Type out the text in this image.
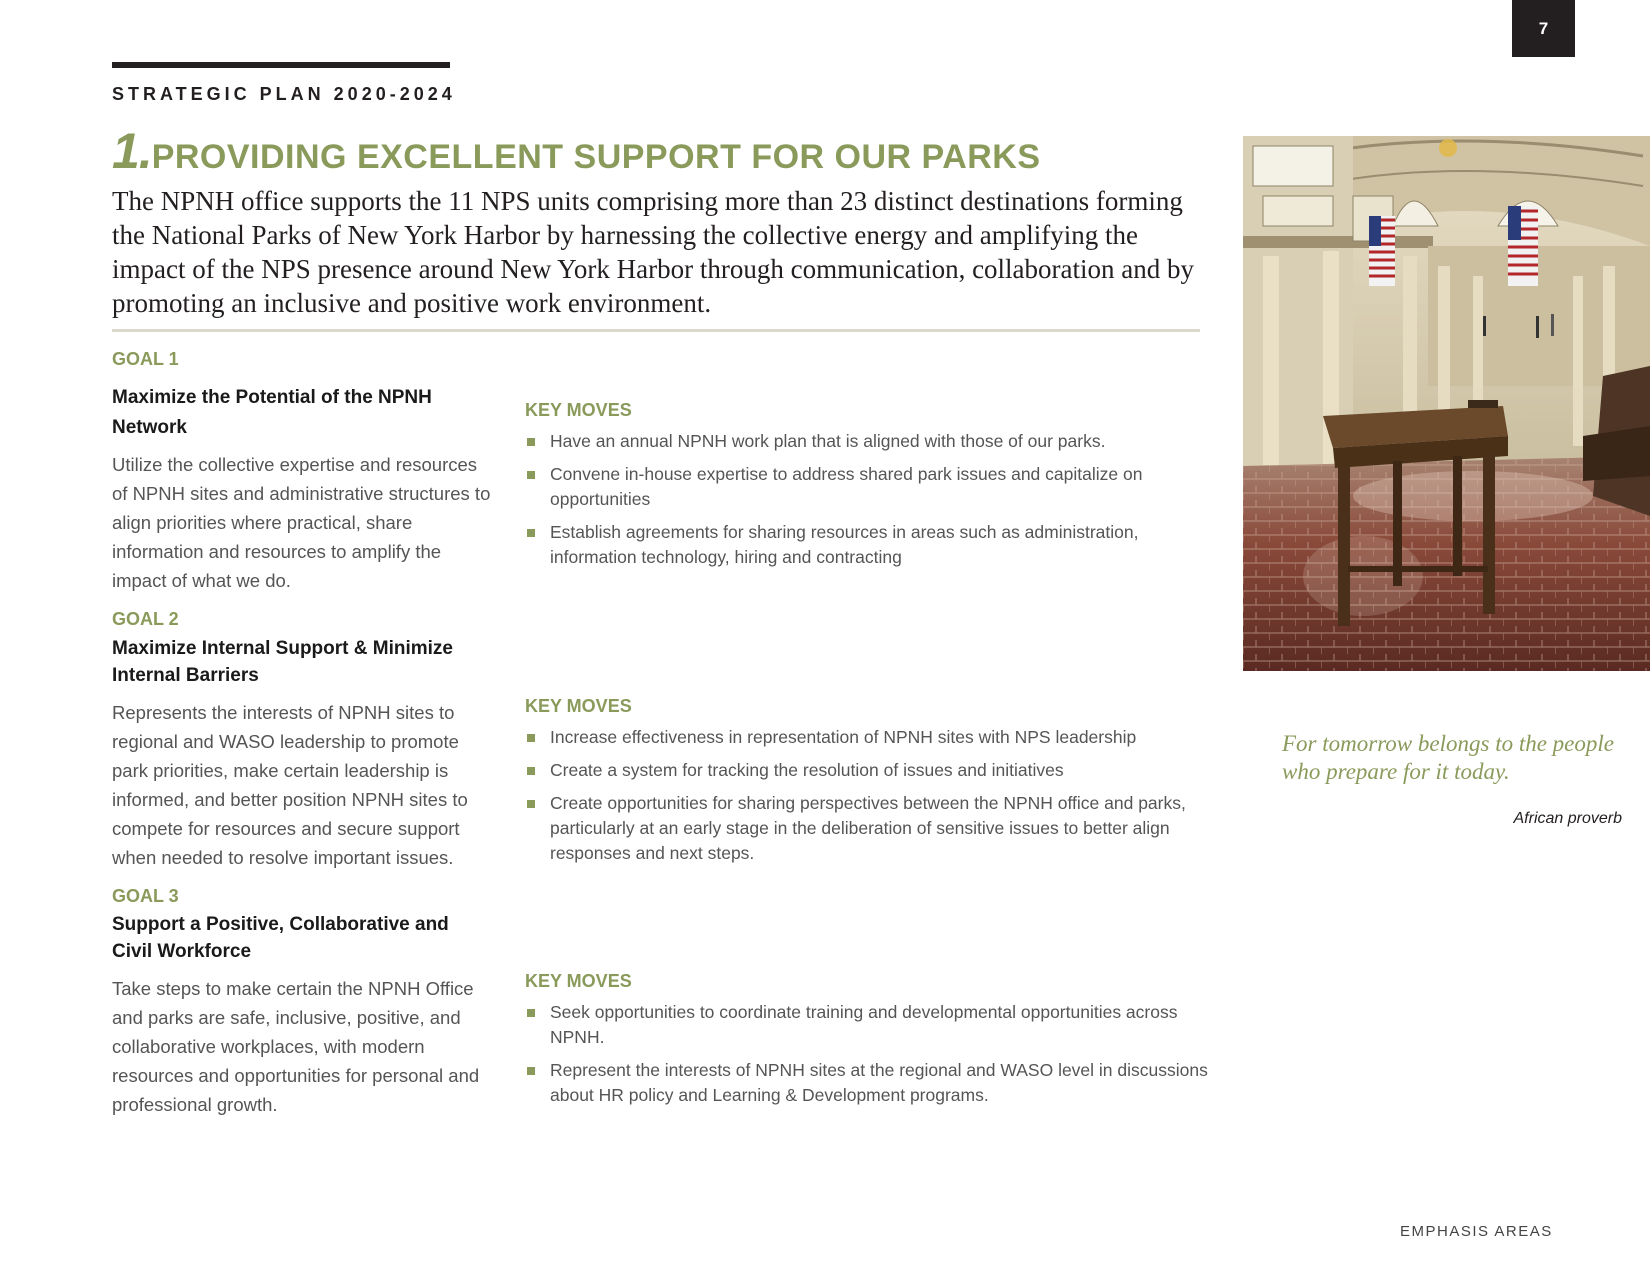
7
STRATEGIC PLAN 2020-2024
1.PROVIDING EXCELLENT SUPPORT FOR OUR PARKS
The NPNH office supports the 11 NPS units comprising more than 23 distinct destinations forming the National Parks of New York Harbor by harnessing the collective energy and amplifying the impact of the NPS presence around New York Harbor through communication, collaboration and by promoting an inclusive and positive work environment.
GOAL 1
Maximize the Potential of the NPNH Network
Utilize the collective expertise and resources of NPNH sites and administrative structures to align priorities where practical, share information and resources to amplify the impact of what we do.
KEY MOVES
Have an annual NPNH work plan that is aligned with those of our parks.
Convene in-house expertise to address shared park issues and capitalize on opportunities
Establish agreements for sharing resources in areas such as administration, information technology, hiring and contracting
GOAL 2
Maximize Internal Support & Minimize Internal Barriers
Represents the interests of NPNH sites to regional and WASO leadership to promote park priorities, make certain leadership is informed, and better position NPNH sites to compete for resources and secure support when needed to resolve important issues.
KEY MOVES
Increase effectiveness in representation of NPNH sites with NPS leadership
Create a system for tracking the resolution of issues and initiatives
Create opportunities for sharing perspectives between the NPNH office and parks, particularly at an early stage in the deliberation of sensitive issues to better align responses and next steps.
GOAL 3
Support a Positive, Collaborative and Civil Workforce
Take steps to make certain the NPNH Office and parks are safe, inclusive, positive, and collaborative workplaces, with modern resources and opportunities for personal and professional growth.
KEY MOVES
Seek opportunities to coordinate training and developmental opportunities across NPNH.
Represent the interests of NPNH sites at the regional and WASO level in discussions about HR policy and Learning & Development programs.
For tomorrow belongs to the people who prepare for it today.
African proverb
EMPHASIS AREAS
